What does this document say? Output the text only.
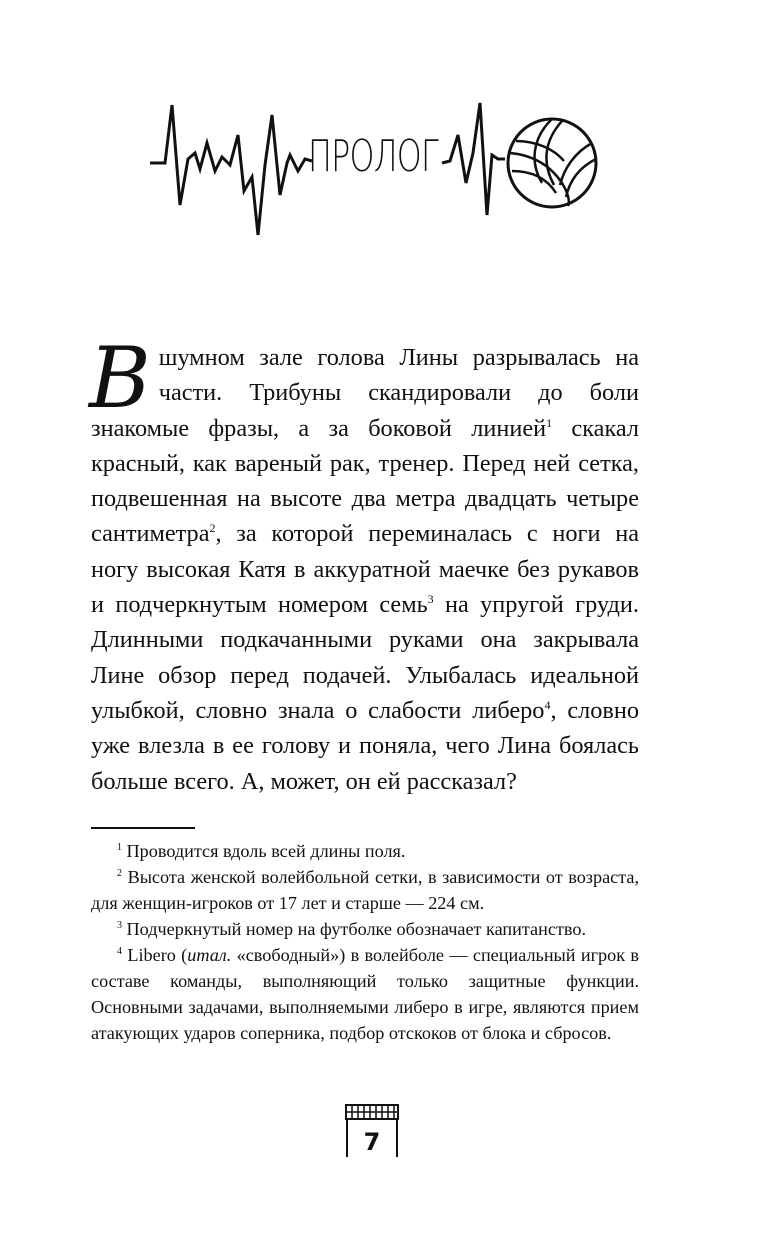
ПРОЛОГ

Вшумном зале голова Лины разрывалась на части. Трибуны скандировали до боли знакомые фразы, а за боковой линией$^1$ скакал красный, как вареный рак, тренер. Перед ней сетка, подвешенная на высоте два метра двадцать четыре сантиметра$^2$, за которой переминалась с ноги на ногу высокая Катя в аккуратной маечке без рукавов и подчеркнутым номером семь$^3$ на упругой груди. Длинными подкачанными руками она закрывала Лине обзор перед подачей. Улыбалась идеальной улыбкой, словно знала о слабости либеро$^4$, словно уже влезла в ее голову и поняла, чего Лина боялась больше всего. А, может, он ей рассказал?

$^1$ Проводится вдоль всей длины поля.

$^2$ Высота женской волейбольной сетки, в зависимости от возраста, для женщин-игроков от 17 лет и старше — 224 см.

$^3$ Подчеркнутый номер на футболке обозначает капитанство.

$^4$ Libero (итал. «свободный») в волейболе — специальный игрок в составе команды, выполняющий только защитные функции. Основными задачами, выполняемыми либеро в игре, являются прием атакующих ударов соперника, подбор отскоков от блока и сбросов.

7
